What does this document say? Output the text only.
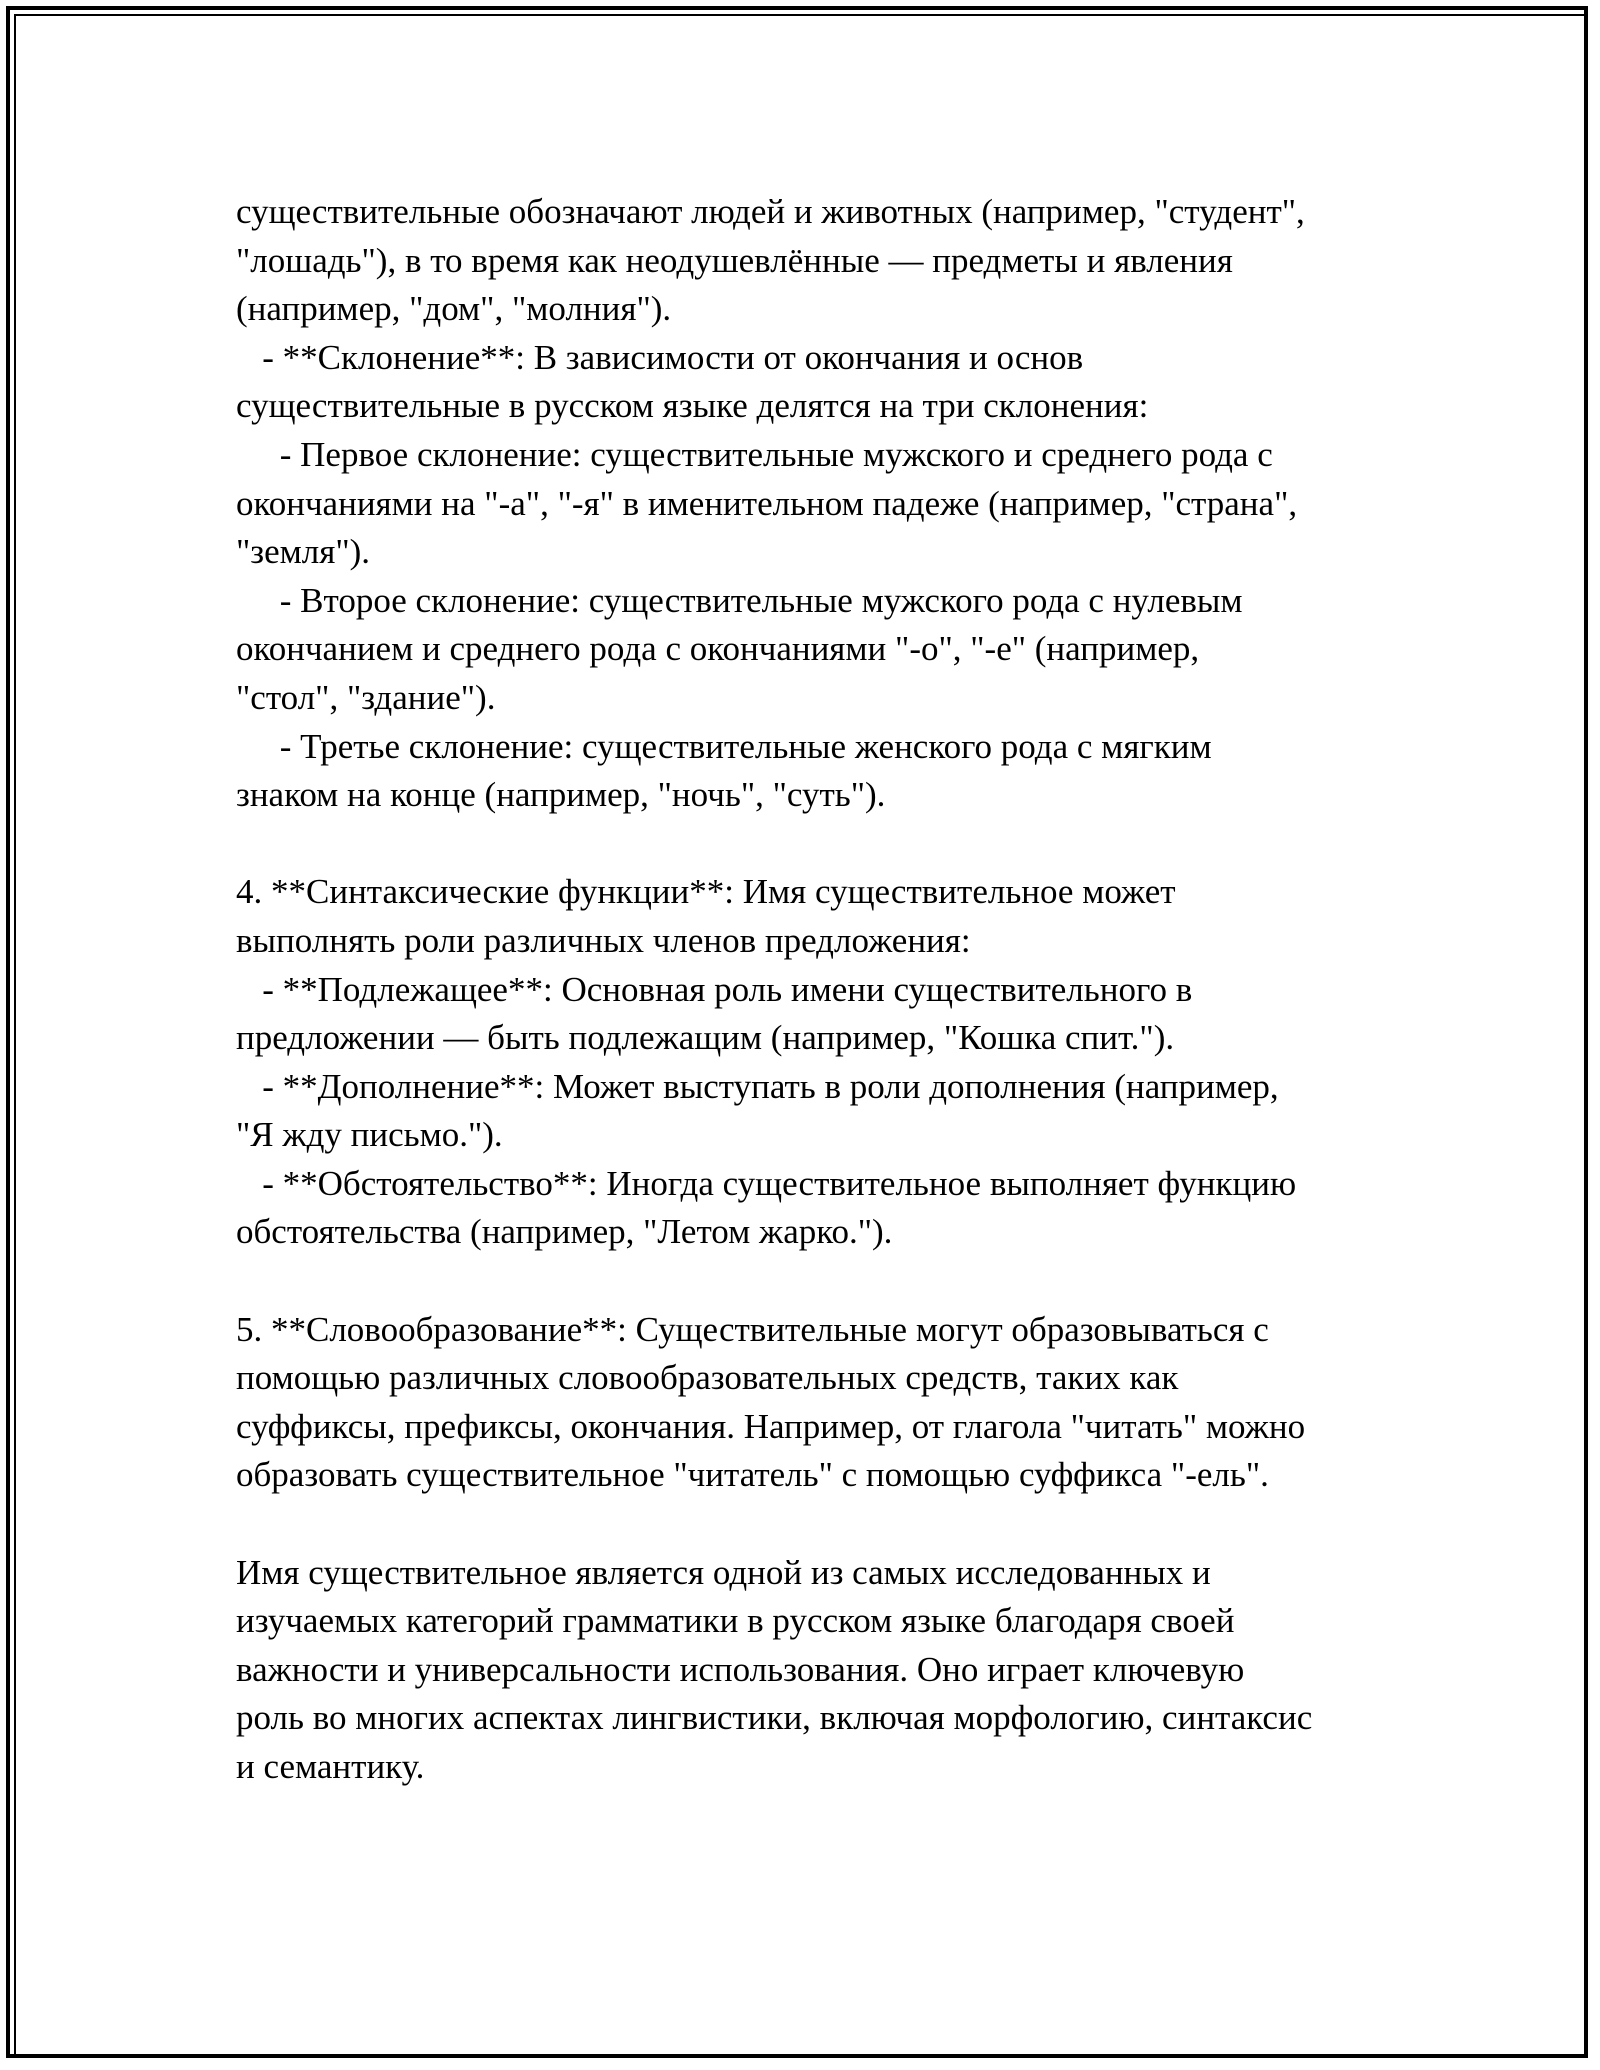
существительные обозначают людей и животных (например, "студент",
"лошадь"), в то время как неодушевлённые — предметы и явления
(например, "дом", "молния").
- **Склонение**: В зависимости от окончания и основ
существительные в русском языке делятся на три склонения:
- Первое склонение: существительные мужского и среднего рода с
окончаниями на "-а", "-я" в именительном падеже (например, "страна",
"земля").
- Второе склонение: существительные мужского рода с нулевым
окончанием и среднего рода с окончаниями "-о", "-е" (например,
"стол", "здание").
- Третье склонение: существительные женского рода с мягким
знаком на конце (например, "ночь", "суть").
4. **Синтаксические функции**: Имя существительное может
выполнять роли различных членов предложения:
- **Подлежащее**: Основная роль имени существительного в
предложении — быть подлежащим (например, "Кошка спит.").
- **Дополнение**: Может выступать в роли дополнения (например,
"Я жду письмо.").
- **Обстоятельство**: Иногда существительное выполняет функцию
обстоятельства (например, "Летом жарко.").
5. **Словообразование**: Существительные могут образовываться с
помощью различных словообразовательных средств, таких как
суффиксы, префиксы, окончания. Например, от глагола "читать" можно
образовать существительное "читатель" с помощью суффикса "-ель".
Имя существительное является одной из самых исследованных и
изучаемых категорий грамматики в русском языке благодаря своей
важности и универсальности использования. Оно играет ключевую
роль во многих аспектах лингвистики, включая морфологию, синтаксис
и семантику.
